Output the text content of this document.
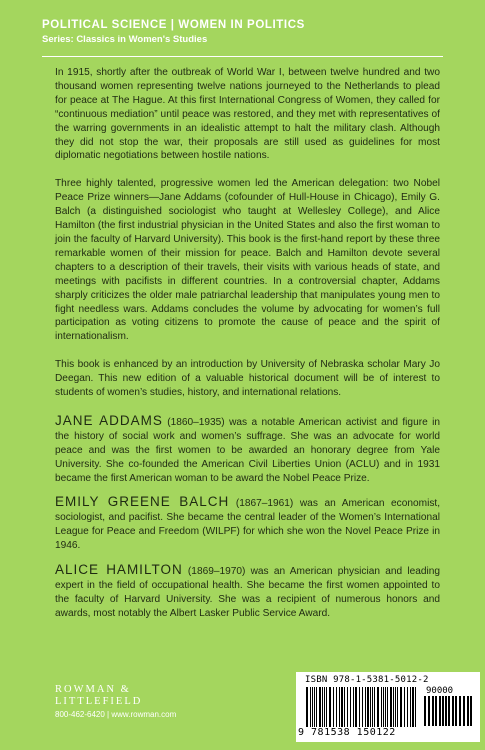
POLITICAL SCIENCE | WOMEN IN POLITICS
Series: Classics in Women's Studies

In 1915, shortly after the outbreak of World War I, between twelve hundred and two thousand women representing twelve nations journeyed to the Netherlands to plead for peace at The Hague. At this first International Congress of Women, they called for “continuous mediation” until peace was restored, and they met with representatives of the warring governments in an idealistic attempt to halt the military clash. Although they did not stop the war, their proposals are still used as guidelines for most diplomatic negotiations between hostile nations.

Three highly talented, progressive women led the American delegation: two Nobel Peace Prize winners—Jane Addams (cofounder of Hull-House in Chicago), Emily G. Balch (a distinguished sociologist who taught at Wellesley College), and Alice Hamilton (the first industrial physician in the United States and also the first woman to join the faculty of Harvard University). This book is the first-hand report by these three remarkable women of their mission for peace. Balch and Hamilton devote several chapters to a description of their travels, their visits with various heads of state, and meetings with pacifists in different countries. In a controversial chapter, Addams sharply criticizes the older male patriarchal leadership that manipulates young men to fight needless wars. Addams concludes the volume by advocating for women’s full participation as voting citizens to promote the cause of peace and the spirit of internationalism.

This book is enhanced by an introduction by University of Nebraska scholar Mary Jo Deegan. This new edition of a valuable historical document will be of interest to students of women’s studies, history, and international relations.

JANE ADDAMS (1860–1935) was a notable American activist and figure in the history of social work and women’s suffrage. She was an advocate for world peace and was the first women to be awarded an honorary degree from Yale University. She co-founded the American Civil Liberties Union (ACLU) and in 1931 became the first American woman to be award the Nobel Peace Prize.
EMILY GREENE BALCH (1867–1961) was an American economist, sociologist, and pacifist. She became the central leader of the Women’s International League for Peace and Freedom (WILPF) for which she won the Novel Peace Prize in 1946.
ALICE HAMILTON (1869–1970) was an American physician and leading expert in the field of occupational health. She became the first women appointed to the faculty of Harvard University. She was a recipient of numerous honors and awards, most notably the Albert Lasker Public Service Award.
ROWMAN &
LITTLEFIELD
800-462-6420 | www.rowman.com
ISBN 978-1-5381-5012-2
90000
9 781538 150122
